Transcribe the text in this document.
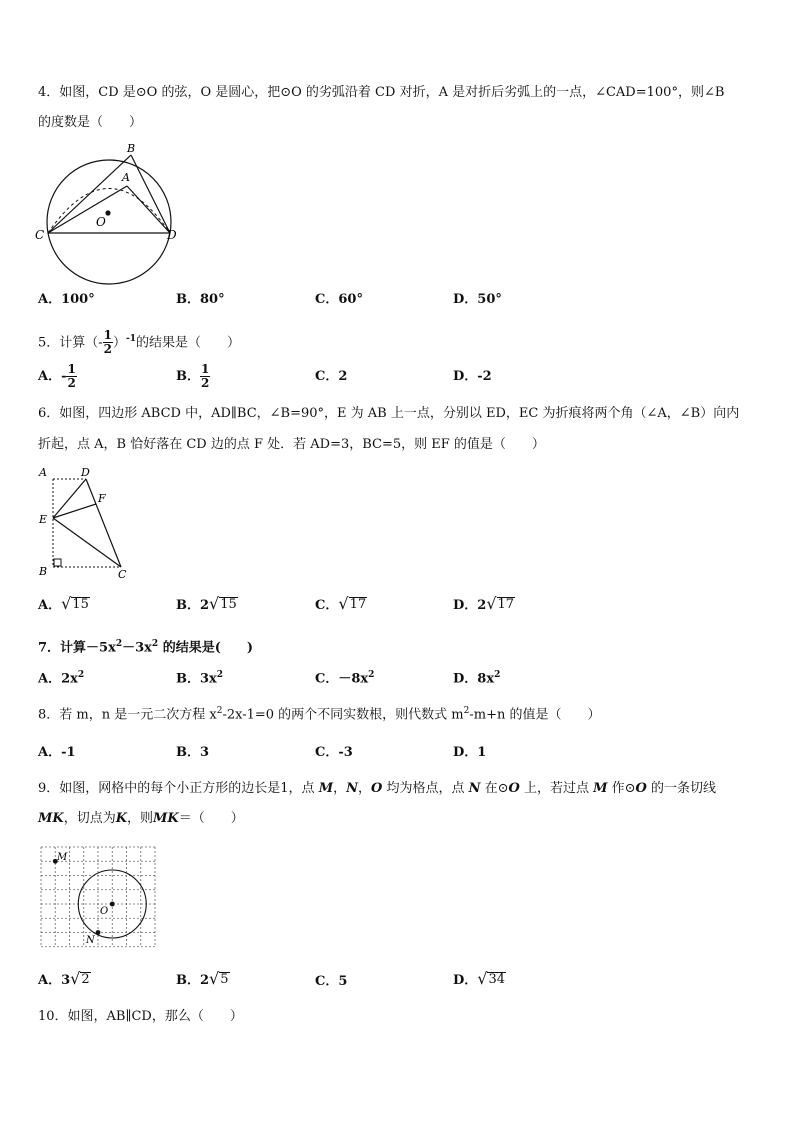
4．如图，CD 是⊙O 的弦，O 是圆心，把⊙O 的劣弧沿着 CD 对折，A 是对折后劣弧上的一点，∠CAD=100°，则∠B
的度数是（　　）
B
A
O
C	D
A．100°	B．80°	C．60°	D．50°
5．计算（- $\frac{1}{2} )^{-1}$的结果是（　　）
A．- $\frac{1}{2}$	B． $\frac{1}{2}$	C．2	D．-2
6．如图，四边形 ABCD 中，AD∥BC，∠B=90°，E 为 AB 上一点，分别以 ED，EC 为折痕将两个角（∠A，∠B）向内
折起，点 A，B 恰好落在 CD 边的点 F 处．若 AD=3，BC=5，则 EF 的值是（　　）
A	D
F
E
B	C
A． √ 15	B．2 √ 15	C． √ 17	D．2 √ 17
7．计算$-5x^2-3x^2$ 的结果是(　　)
A．$2x^2$	B．$3x^2$	C．$-8x^2$	D．$8x^2$
8．若 m，n 是一元二次方程 $x^2-2x-1=0$ 的两个不同实数根，则代数式 $m^2-m+n$ 的值是（　　）
A．-1	B．3	C．-3	D．1
9．如图，网格中的每个小正方形的边长是1，点 M，N，O 均为格点，点 N 在⊙O 上，若过点 M 作⊙O 的一条切线
MK，切点为K，则MK＝（　　）
M
O
N
A．3 √ 2	B．2 √ 5	C．5	D． √ 34
10．如图，AB∥CD，那么（　　）
